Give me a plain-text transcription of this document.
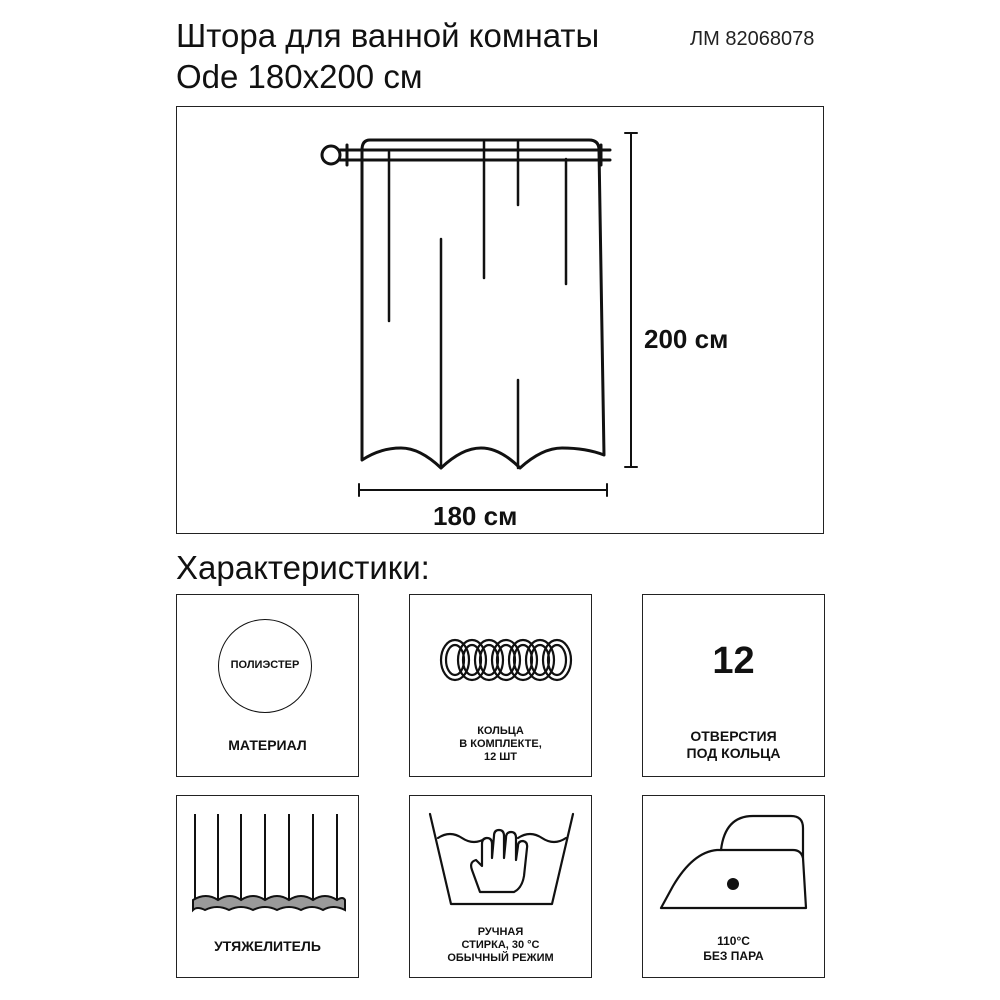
Штора для ванной комнаты
Ode 180x200 см
ЛМ 82068078
200 см
180 см
Характеристики:
ПОЛИЭСТЕР
МАТЕРИАЛ
КОЛЬЦА
В КОМПЛЕКТЕ,
12 ШТ
12
ОТВЕРСТИЯ
ПОД КОЛЬЦА
УТЯЖЕЛИТЕЛЬ
РУЧНАЯ
СТИРКА, 30 °C
ОБЫЧНЫЙ РЕЖИМ
110°C
БЕЗ ПАРА
